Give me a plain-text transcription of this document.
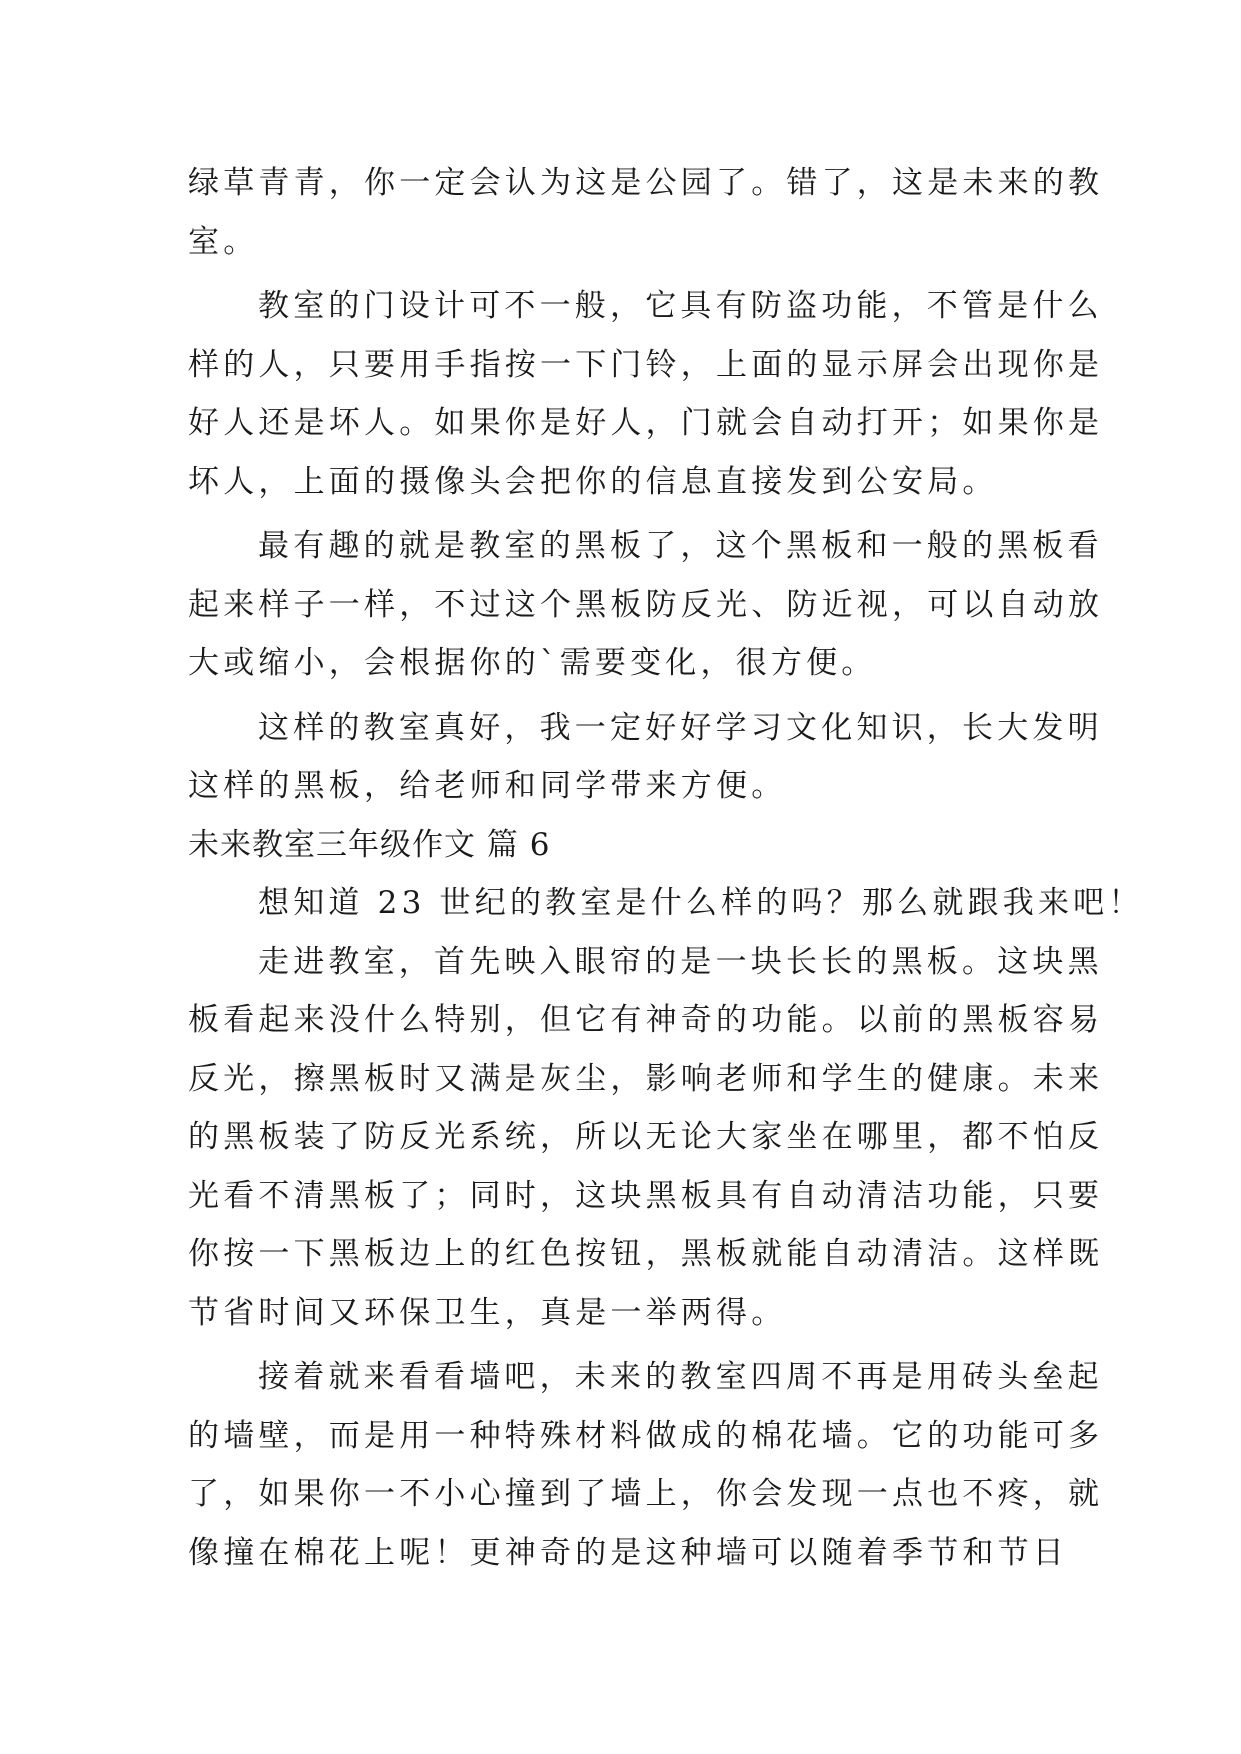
绿草青青，你一定会认为这是公园了。错了，这是未来的教
室。
教室的门设计可不一般，它具有防盗功能，不管是什么
样的人，只要用手指按一下门铃，上面的显示屏会出现你是
好人还是坏人。如果你是好人，门就会自动打开；如果你是
坏人，上面的摄像头会把你的信息直接发到公安局。
最有趣的就是教室的黑板了，这个黑板和一般的黑板看
起来样子一样，不过这个黑板防反光、防近视，可以自动放
大或缩小，会根据你的`需要变化，很方便。
这样的教室真好，我一定好好学习文化知识，长大发明
这样的黑板，给老师和同学带来方便。
未来教室三年级作文 篇 6
想知道 23 世纪的教室是什么样的吗？那么就跟我来吧！
走进教室，首先映入眼帘的是一块长长的黑板。这块黑
板看起来没什么特别，但它有神奇的功能。以前的黑板容易
反光，擦黑板时又满是灰尘，影响老师和学生的健康。未来
的黑板装了防反光系统，所以无论大家坐在哪里，都不怕反
光看不清黑板了；同时，这块黑板具有自动清洁功能，只要
你按一下黑板边上的红色按钮，黑板就能自动清洁。这样既
节省时间又环保卫生，真是一举两得。
接着就来看看墙吧，未来的教室四周不再是用砖头垒起
的墙壁，而是用一种特殊材料做成的棉花墙。它的功能可多
了，如果你一不小心撞到了墙上，你会发现一点也不疼，就
像撞在棉花上呢！更神奇的是这种墙可以随着季节和节日
